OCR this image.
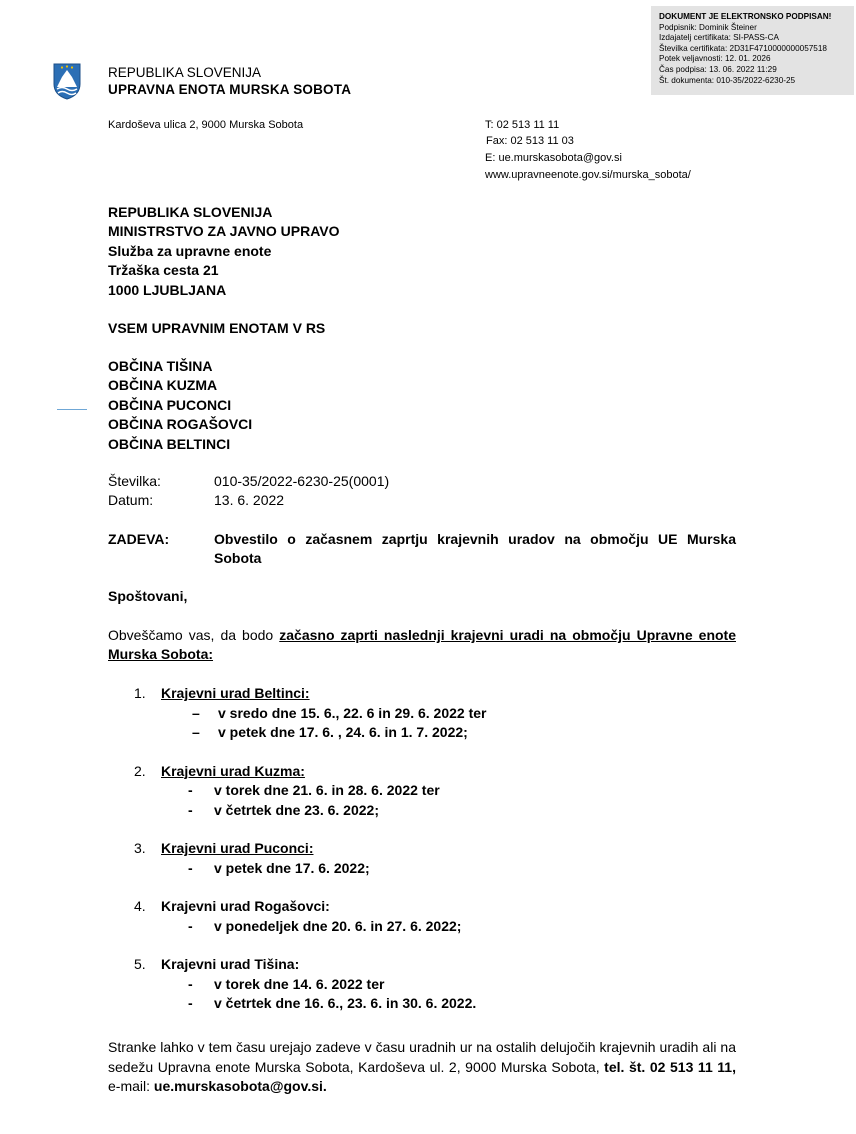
DOKUMENT JE ELEKTRONSKO PODPISAN!
Podpisnik: Dominik Šteiner
Izdajatelj certifikata: SI-PASS-CA
Številka certifikata: 2D31F4710000000057518
Potek veljavnosti: 12. 01. 2026
Čas podpisa: 13. 06. 2022 11:29
Št. dokumenta: 010-35/2022-6230-25
REPUBLIKA SLOVENIJA
UPRAVNA ENOTA MURSKA SOBOTA
Kardoševa ulica 2, 9000 Murska Sobota	T: 02 513 11 11
Fax: 02 513 11 03
E: ue.murskasobota@gov.si
www.upravneenote.gov.si/murska_sobota/
REPUBLIKA SLOVENIJA
MINISTRSTVO ZA JAVNO UPRAVO
Služba za upravne enote
Tržaška cesta 21
1000 LJUBLJANA
VSEM UPRAVNIM ENOTAM V RS
OBČINA TIŠINA
OBČINA KUZMA
OBČINA PUCONCI
OBČINA ROGAŠOVCI
OBČINA BELTINCI
Številka:	010-35/2022-6230-25(0001)
Datum:	13. 6. 2022
ZADEVA:	Obvestilo o začasnem zaprtju krajevnih uradov na območju UE Murska Sobota
Spoštovani,
Obveščamo vas, da bodo začasno zaprti naslednji krajevni uradi na območju Upravne enote Murska Sobota:
1. Krajevni urad Beltinci:
– v sredo dne 15. 6., 22. 6 in 29. 6. 2022 ter
– v petek dne 17. 6. , 24. 6. in 1. 7. 2022;
2. Krajevni urad Kuzma:
- v torek dne 21. 6. in 28. 6. 2022 ter
- v četrtek dne 23. 6. 2022;
3. Krajevni urad Puconci:
- v petek dne 17. 6. 2022;
4. Krajevni urad Rogašovci:
- v ponedeljek dne 20. 6. in 27. 6. 2022;
5. Krajevni urad Tišina:
- v torek dne 14. 6. 2022 ter
- v četrtek dne 16. 6., 23. 6. in 30. 6. 2022.
Stranke lahko v tem času urejajo zadeve v času uradnih ur na ostalih delujočih krajevnih uradih ali na sedežu Upravna enote Murska Sobota, Kardoševa ul. 2, 9000 Murska Sobota, tel. št. 02 513 11 11, e-mail: ue.murskasobota@gov.si.
